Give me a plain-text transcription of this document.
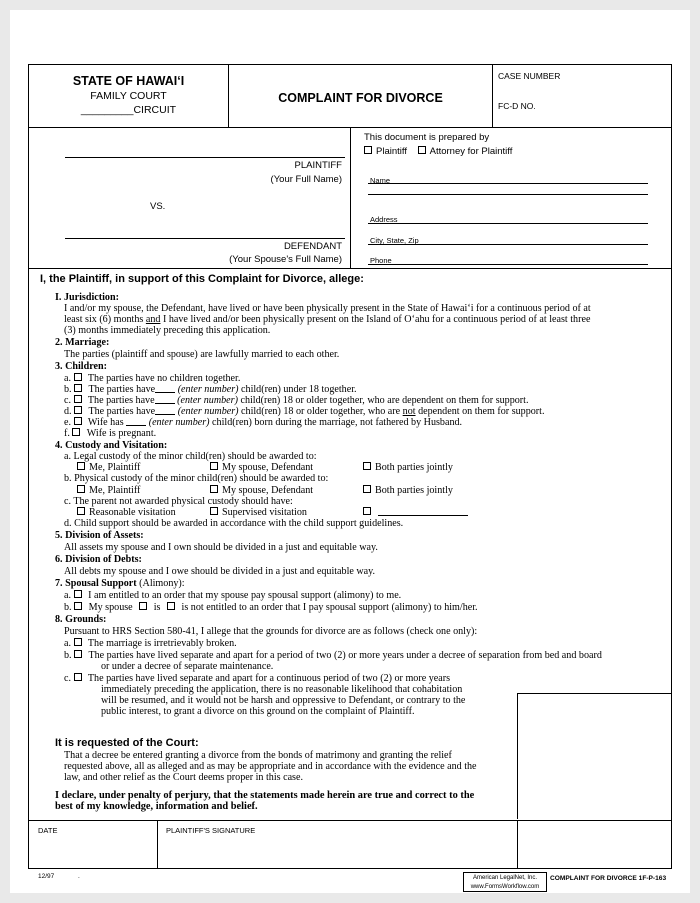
STATE OF HAWAI‘I
FAMILY COURT
_________CIRCUIT
COMPLAINT FOR DIVORCE
CASE NUMBER
FC-D NO.
PLAINTIFF
(Your Full Name)
VS.
DEFENDANT
(Your Spouse's Full Name)
This document is prepared by
Plaintiff Attorney for Plaintiff
Name
Address
City, State, Zip
Phone
I, the Plaintiff, in support of this Complaint for Divorce, allege:
I. Jurisdiction:
I and/or my spouse, the Defendant, have lived or have been physically present in the State of Hawai‘i for a continuous period of at
least six (6) months and I have lived and/or been physically present on the Island of O‘ahu for a continuous period of at least three
(3) months immediately preceding this application.
2. Marriage:
The parties (plaintiff and spouse) are lawfully married to each other.
3. Children:
a. The parties have no children together.
b. The parties have (enter number) child(ren) under 18 together.
c. The parties have (enter number) child(ren) 18 or older together, who are dependent on them for support.
d. The parties have (enter number) child(ren) 18 or older together, who are not dependent on them for support.
e. Wife has  (enter number) child(ren) born during the marriage, not fathered by Husband.
f. Wife is pregnant.
4. Custody and Visitation:
a. Legal custody of the minor child(ren) should be awarded to:
Me, Plaintiff	My spouse, Defendant	Both parties jointly
b. Physical custody of the minor child(ren) should be awarded to:
Me, Plaintiff	My spouse, Defendant	Both parties jointly
c. The parent not awarded physical custody should have:
Reasonable visitation	Supervised visitation

d. Child support should be awarded in accordance with the child support guidelines.
5. Division of Assets:
All assets my spouse and I own should be divided in a just and equitable way.
6. Division of Debts:
All debts my spouse and I owe should be divided in a just and equitable way.
7. Spousal Support (Alimony):
a. I am entitled to an order that my spouse pay spousal support (alimony) to me.
b. My spouse is is not entitled to an order that I pay spousal support (alimony) to him/her.
8. Grounds:
Pursuant to HRS Section 580-41, I allege that the grounds for divorce are as follows (check one only):
a. The marriage is irretrievably broken.
b. The parties have lived separate and apart for a period of two (2) or more years under a decree of separation from bed and board
or under a decree of separate maintenance.
c. The parties have lived separate and apart for a continuous period of two (2) or more years
immediately preceding the application, there is no reasonable likelihood that cohabitation
will be resumed, and it would not be harsh and oppressive to Defendant, or contrary to the
public interest, to grant a divorce on this ground on the complaint of Plaintiff.
It is requested of the Court:
That a decree be entered granting a divorce from the bonds of matrimony and granting the relief
requested above, all as alleged and as may be appropriate and in accordance with the evidence and the
law, and other relief as the Court deems proper in this case.
I declare, under penalty of perjury, that the statements made herein are true and correct to the
best of my knowledge, information and belief.
DATE	PLAINTIFF'S SIGNATURE
12/97	.	American LegalNet, Inc.
www.FormsWorkflow.com
COMPLAINT FOR DIVORCE 1F-P-163
